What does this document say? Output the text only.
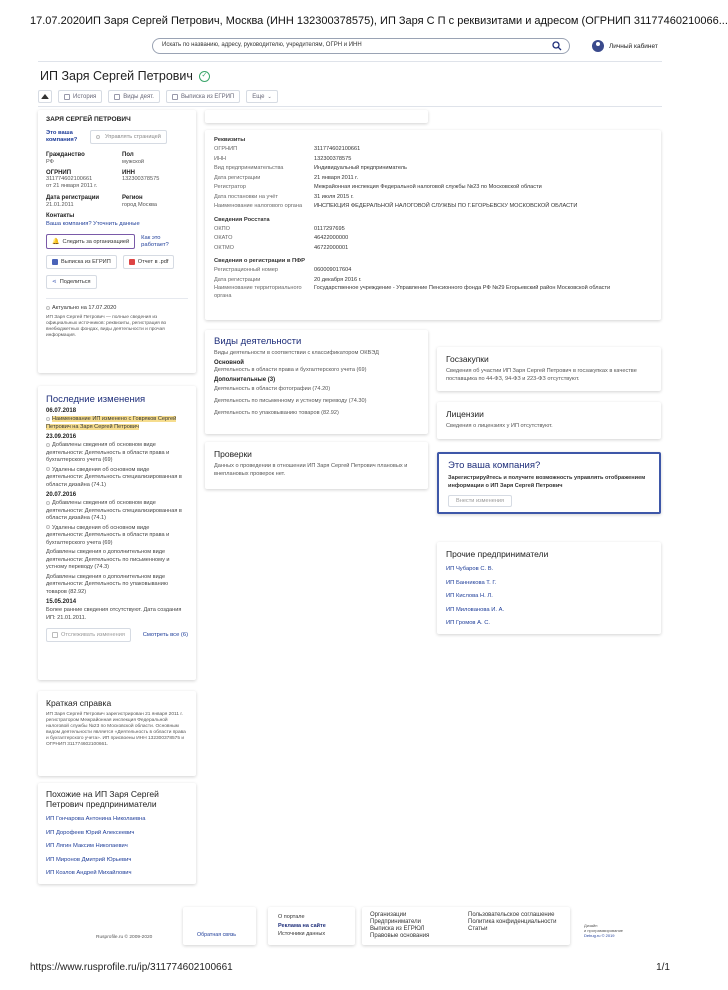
17.07.2020 ИП Заря Сергей Петрович, Москва (ИНН 132300378575), ИП Заря С П с реквизитами и адресом (ОГРНИП 31177460210066...
Искать по названию, адресу, руководителю, учредителям, ОГРН и ИНН	Личный кабинет
ИП Заря Сергей Петрович	✓
История	Виды деят.	Выписка из ЕГРИП	Еще ⌄
ЗАРЯ СЕРГЕЙ ПЕТРОВИЧ
Это ваша компания?	Управлять страницей
Гражданство
РФ
Пол
мужской
ОГРНИП
311774602100661
от 21 января 2011 г.
ИНН
132300378575
Дата регистрации
21.01.2011
Регион
город Москва
Контакты
Ваша компания? Уточнить данные
🔔 Следить за организацией
Как это работает?
Выписка из ЕГРИП	Отчет в .pdf
⋖ Поделиться
Актуально на 17.07.2020
ИП Заря Сергей Петрович — полные сведения из официальных источников: реквизиты, регистрация во внебюджетных фондах, виды деятельности и прочая информация.
Последние изменения
06.07.2018
Наименование ИП изменено с Говряков Сергей Петрович на Заря Сергей Петрович
23.09.2016
Добавлены сведения об основном виде деятельности: Деятельность в области права и бухгалтерского учета (69)
Удалены сведения об основном виде деятельности: Деятельность специализированная в области дизайна (74.1)
20.07.2016
Добавлены сведения об основном виде деятельности: Деятельность специализированная в области дизайна (74.1)
Удалены сведения об основном виде деятельности: Деятельность в области права и бухгалтерского учета (69)
Добавлены сведения о дополнительном виде деятельности: Деятельность по письменному и устному переводу (74.3)
Добавлены сведения о дополнительном виде деятельности: Деятельность по упаковыванию товаров (82.92)
15.05.2014
Более ранние сведения отсутствуют. Дата создания ИП: 21.01.2011.
Отслеживать изменения	Смотреть все (6)
Краткая справка
ИП Заря Сергей Петрович зарегистрирован 21 января 2011 г. регистратором Межрайонная инспекция Федеральной налоговой службы №23 по Московской области. Основным видом деятельности является «Деятельность в области права и бухгалтерского учета». ИП присвоены ИНН 132300378575 и ОГРНИП 311774602100661.
Похожие на ИП Заря Сергей Петрович предприниматели
ИП Гончарова Антонина Николаевна
ИП Дорофеев Юрий Алексеевич
ИП Лягин Максим Николаевич
ИП Миронов Дмитрий Юрьевич
ИП Козлов Андрей Михайлович
Реквизиты
ОГРНИП	311774602100661
ИНН	132300378575
Вид предпринимательства	Индивидуальный предприниматель
Дата регистрации	21 января 2011 г.
Регистратор	Межрайонная инспекция Федеральной налоговой службы №23 по Московской области
Дата постановки на учёт	31 июля 2015 г.
Наименование налогового органа	ИНСПЕКЦИЯ ФЕДЕРАЛЬНОЙ НАЛОГОВОЙ СЛУЖБЫ ПО Г.ЕГОРЬЕВСКУ МОСКОВСКОЙ ОБЛАСТИ
Сведения Росстата
ОКПО	0117297695
ОКАТО	46422000000
ОКТМО	46722000001
Сведения о регистрации в ПФР
Регистрационный номер	060009017604
Дата регистрации	20 декабря 2016 г.
Наименование территориального органа
Государственное учреждение - Управление Пенсионного фонда РФ №29 Егорьевский район Московской области
Виды деятельности
Виды деятельности в соответствии с классификатором ОКВЭД
Основной
Деятельность в области права и бухгалтерского учета (69)
Дополнительные (3)
Деятельность в области фотографии (74.20)
Деятельность по письменному и устному переводу (74.30)
Деятельность по упаковыванию товаров (82.92)
Проверки
Данных о проведении в отношении ИП Заря Сергей Петрович плановых и внеплановых проверок нет.
Госзакупки
Сведения об участии ИП Заря Сергей Петрович в госзакупках в качестве поставщика по 44-ФЗ, 94-ФЗ и 223-ФЗ отсутствуют.
Лицензии
Сведения о лицензиях у ИП отсутствуют.
Это ваша компания?
Зарегистрируйтесь и получите возможность управлять отображением информации о ИП Заря Сергей Петрович
Внести изменения
Прочие предприниматели
ИП Чубаров С. В.
ИП Банникова Т. Г.
ИП Кислова Н. Л.
ИП Милованова И. А.
ИП Громов А. С.
Rusprofile.ru © 2009-2020	Обратная связь
О портале
Реклама на сайте
Источники данных
Организации
Предприниматели
Выписка из ЕГРЮЛ
Правовые основания
Пользовательское соглашение
Политика конфиденциальности
Статьи
Дизайн
и программирование
Debug.ru © 2019
https://www.rusprofile.ru/ip/311774602100661	1/1
